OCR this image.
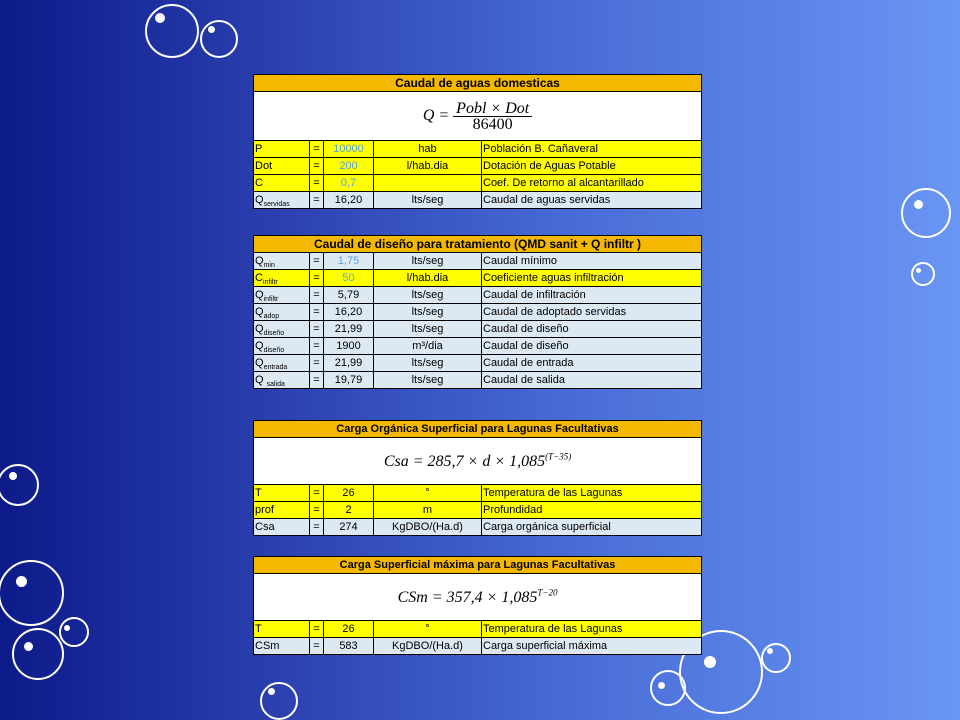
Caudal de aguas domesticas				
$Q = \frac{\text{Pobl × Dot}}{86400}$

P	=	10000	hab	Población B. Cañaveral
Dot	=	200	l/hab.dia	Dotación de Aguas Potable
C	=	0,7		Coef. De retorno al alcantarillado
$Q_{servidas}$	=	16,20	lts/seg	Caudal de aguas servidas
Caudal de diseño para tratamiento (QMD sanit + Q infiltr )				
$Q_{min}$	=	1,75	lts/seg	Caudal mínimo
$C_{infiltr}$	=	50	l/hab.dia	Coeficiente aguas infiltración
$Q_{infiltr}$	=	5,79	lts/seg	Caudal de infiltración
$Q_{adop}$	=	16,20	lts/seg	Caudal de adoptado servidas
$Q_{diseño}$	=	21,99	lts/seg	Caudal de diseño
$Q_{diseño}$	=	1900	m³/dia	Caudal de diseño
$Q_{entrada}$	=	21,99	lts/seg	Caudal de entrada
Q $_{salida}$	=	19,79	lts/seg	Caudal de salida
Carga Orgánica Superficial para Lagunas Facultativas				
Csa = $285,7 \times d \times 1,085^{(T-35)}$
T	=	26	°	Temperatura de las Lagunas
prof	=	2	m	Profundidad
Csa	=	274	KgDBO/(Ha.d)	Carga orgánica superficial
Carga Superficial máxima para Lagunas Facultativas				
CSm = $357,4 \times 1,085^{T-20}$
T	=	26	°	Temperatura de las Lagunas
CSm	=	583	KgDBO/(Ha.d)	Carga superficial máxima
